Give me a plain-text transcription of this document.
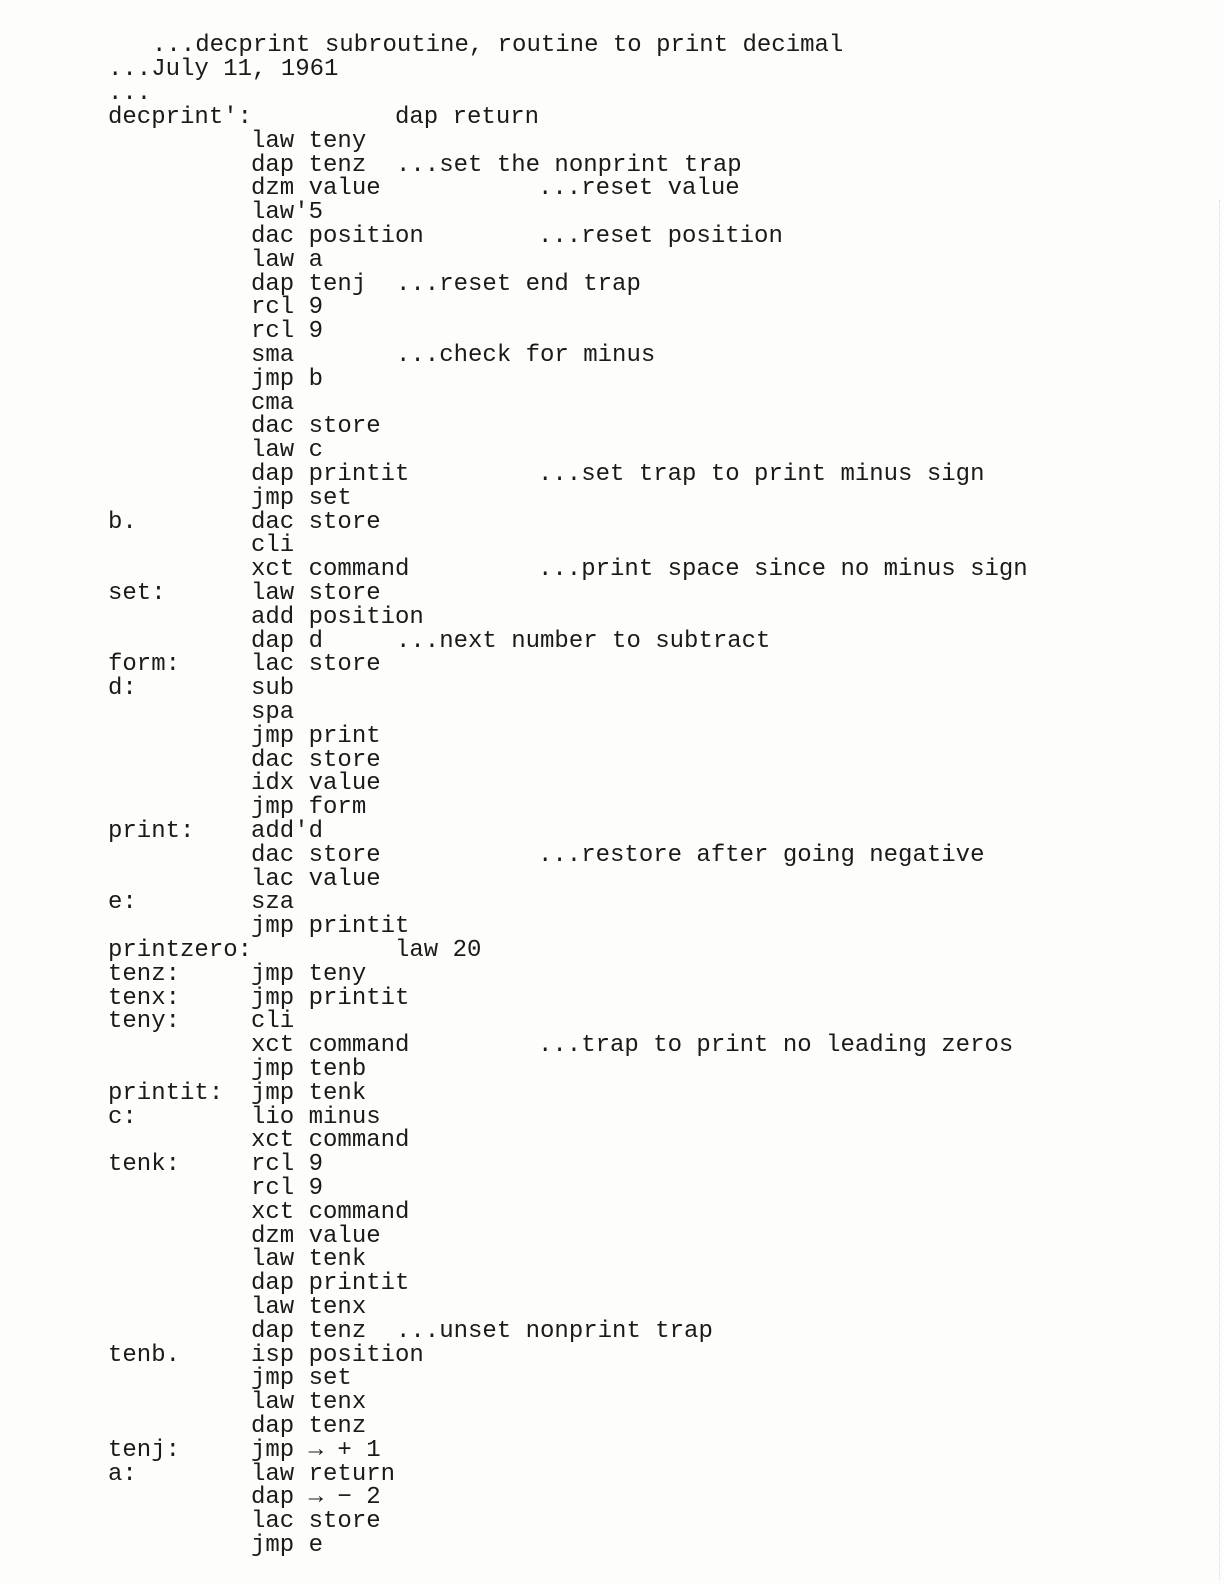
...decprint subroutine, routine to print decimal
...July 11, 1961
...
decprint':	dap return
law teny
dap tenz ...set the nonprint trap
dzm value	...reset value
law'5
dac position	...reset position
law a
dap tenj ...reset end trap
rcl 9
rcl 9
sma	...check for minus
jmp b
cma
dac store
law c
dap printit	...set trap to print minus sign
jmp set
b.	dac store
cli
xct command	...print space since no minus sign
set:	law store
add position
dap d	...next number to subtract
form:	lac store
d:	sub
spa
jmp print
dac store
idx value
jmp form
print: add'd
dac store	...restore after going negative
lac value
e:	sza
jmp printit
printzero:	law 20
tenz:	jmp teny
tenx:	jmp printit
teny:	cli
xct command	...trap to print no leading zeros
jmp tenb
printit: jmp tenk
c:	lio minus
xct command
tenk:	rcl 9
rcl 9
xct command
dzm value
law tenk
dap printit
law tenx
dap tenz ...unset nonprint trap
tenb.	isp position
jmp set
law tenx
dap tenz
tenj:	jmp → + 1
a:	law return
dap → − 2
lac store
jmp e
